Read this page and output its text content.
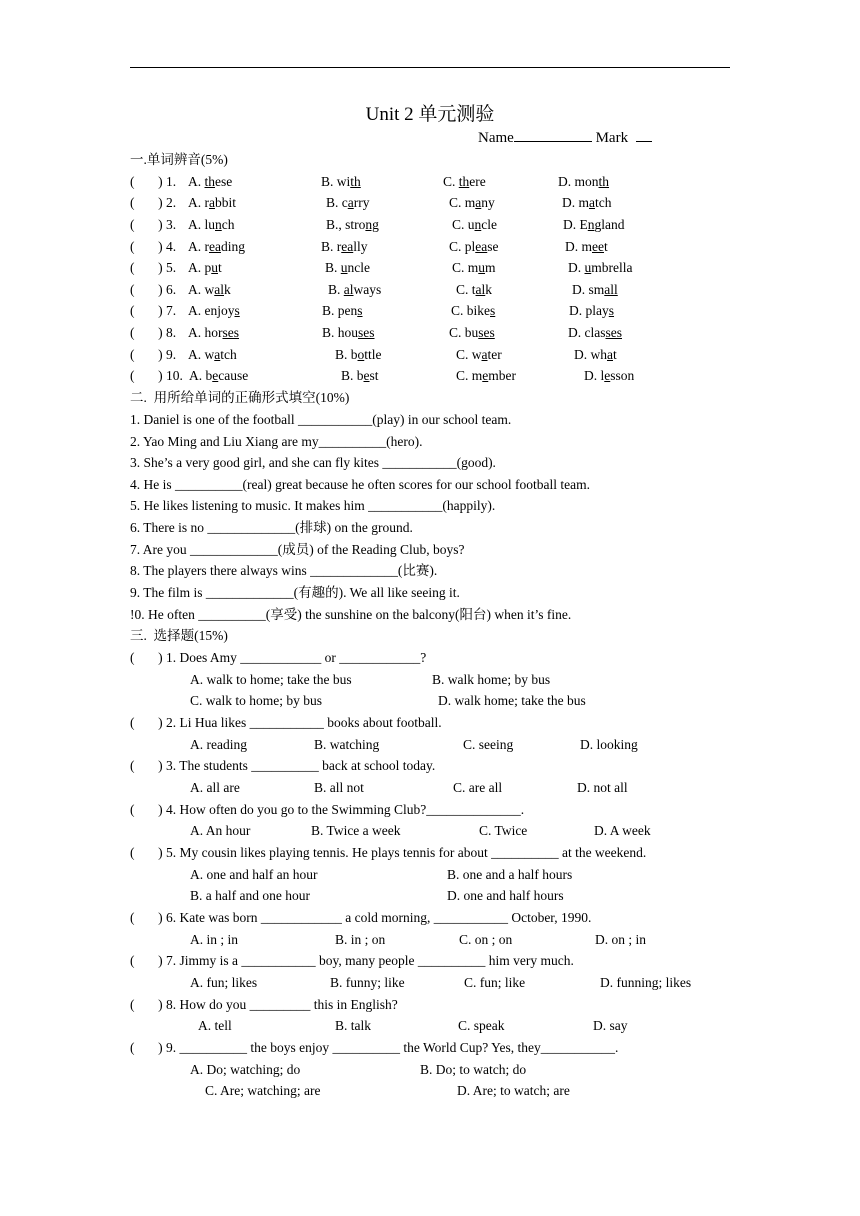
Unit 2 单元测验
Name	Mark
一.单词辨音(5%)
(       ) 1. A. these	B. with	C. there	D. month
(       ) 2. A. rabbit	B. carry	C. many	D. match
(       ) 3. A. lunch	B., strong	C. uncle	D. England
(       ) 4. A. reading	B. really	C. please	D. meet
(       ) 5. A. put	B. uncle	C. mum	D. umbrella
(       ) 6. A. walk	B. always	C. talk	D. small
(       ) 7. A. enjoys	B. pens	C. bikes	D. plays
(       ) 8. A. horses	B. houses	C. buses	D. classes
(       ) 9. A. watch	B. bottle	C. water	D. what
(       ) 10. A. because	B. best	C. member	D. lesson
二.  用所给单词的正确形式填空(10%)
1. Daniel is one of the football ___________(play) in our school team.
2. Yao Ming and Liu Xiang are my__________(hero).
3. She’s a very good girl, and she can fly kites ___________(good).
4. He is __________(real) great because he often scores for our school football team.
5. He likes listening to music. It makes him ___________(happily).
6. There is no _____________(排球) on the ground.
7. Are you _____________(成员) of the Reading Club, boys?
8. The players there always wins _____________(比赛).
9. The film is _____________(有趣的). We all like seeing it.
!0. He often __________(享受) the sunshine on the balcony(阳台) when it’s fine.
三.  选择题(15%)
(       ) 1. Does Amy ____________ or ____________?
A. walk to home; take the bus	B. walk home; by bus
C. walk to home; by bus	D. walk home; take the bus
(       ) 2. Li Hua likes ___________ books about football.
A. reading	B. watching	C. seeing	D. looking
(       ) 3. The students __________ back at school today.
A. all are	B. all not	C. are all	D. not all
(       ) 4. How often do you go to the Swimming Club?______________.
A. An hour	B. Twice a week	C. Twice	D. A week
(       ) 5. My cousin likes playing tennis. He plays tennis for about __________ at the weekend.
A. one and half an hour	B. one and a half hours
B. a half and one hour	D. one and half hours
(       ) 6. Kate was born ____________ a cold morning, ___________ October, 1990.
A. in ; in	B. in ; on	C. on ; on	D. on ; in
(       ) 7. Jimmy is a ___________ boy, many people __________ him very much.
A. fun; likes	B. funny; like	C. fun; like	D. funning; likes
(       ) 8. How do you _________ this in English?
A. tell	B. talk	C. speak	D. say
(       ) 9. __________ the boys enjoy __________ the World Cup? Yes, they___________.
A. Do; watching; do	B. Do; to watch; do
C. Are; watching; are	D. Are; to watch; are
